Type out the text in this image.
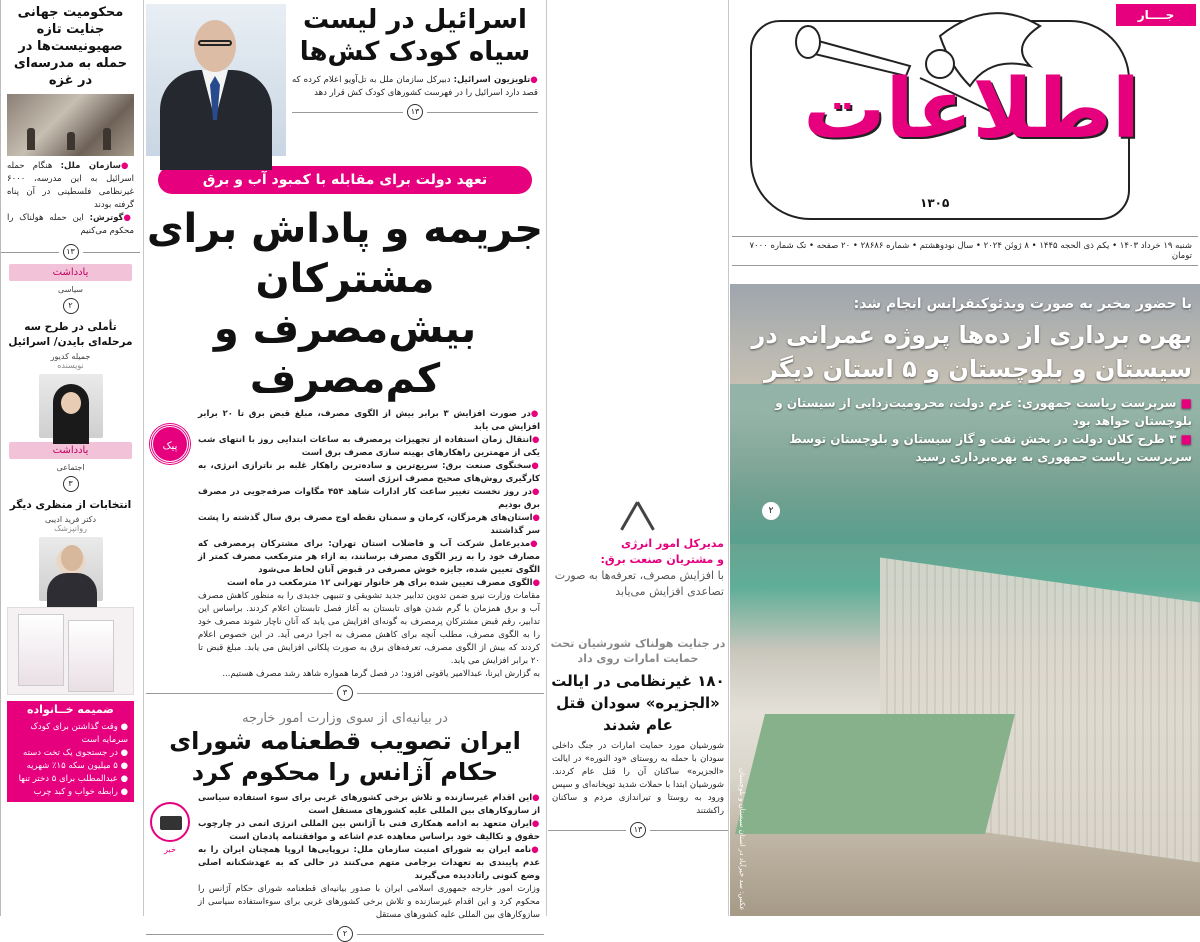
محکومیت جهانی جنایت تازه صهیونیست‌ها در حمله به مدرسه‌ای در غزه
●سازمان ملل: هنگام حمله اسرائیل به این مدرسه، ۶۰۰۰ غیرنظامی فلسطینی در آن پناه گرفته بودند
●گوترش: این حمله هولناک را محکوم می‌کنیم
۱۳
یادداشت
سیاسی
۲
تأملی در طرح سه مرحله‌ای بایدن/ اسرائیل
جمیله کدیور
نویسنده
یادداشت
اجتماعی
۳
انتخابات از منظری دیگر
دکتر فرید ادیبی
روانپزشک
ضمیمه خــانواده
● وقت گذاشتن برای کودک سرمایه است
● در جستجوی یک تخت دسته
● ۵ میلیون سکه ۱۵٪ شهریه
● عبدالمطلب برای ۵ دختر تنها
● رابطه خواب و کبد چرب
اسرائیل در لیست سیاه کودک کش‌ها
●تلویزیون اسرائیل: دبیرکل سازمان ملل به تل‌آویو اعلام کرده که قصد دارد اسرائیل را در فهرست کشورهای کودک کش قرار دهد
۱۳
تعهد دولت برای مقابله با کمبود آب و برق
جریمه و پاداش برای مشترکان بیش‌مصرف و کم‌مصرف
●در صورت افزایش ۳ برابر بیش از الگوی مصرف، مبلغ قبض برق تا ۲۰ برابر افزایش می یابد
●انتقال زمان استفاده از تجهیزات پرمصرف به ساعات ابتدایی روز با انتهای شب یکی از مهمترین راهکارهای بهینه سازی مصرف برق است
●سخنگوی صنعت برق: سریع‌ترین و ساده‌ترین راهکار غلبه بر ناترازی انرژی، به کارگیری روش‌های صحیح مصرف انرژی است
●در روز نخست تغییر ساعت کار ادارات شاهد ۴۵۴ مگاوات صرفه‌جویی در مصرف برق بودیم
●استان‌های هرمزگان، کرمان و سمنان نقطه اوج مصرف برق سال گذشته را پشت سر گذاشتند
●مدیرعامل شرکت آب و فاضلاب استان تهران: برای مشترکان پرمصرفی که مصارف خود را به زیر الگوی مصرف برسانند، به ازاء هر مترمکعب مصرف کمتر از الگوی تعیین شده، جایزه خوش مصرفی در قبوض آنان لحاظ می‌شود
●الگوی مصرف تعیین شده برای هر خانوار تهرانی ۱۲ مترمکعب در ماه است
مقامات وزارت نیرو ضمن تدوین تدابیر جدید تشویقی و تنبیهی جدیدی را به منظور کاهش مصرف آب و برق همزمان با گرم شدن هوای تابستان به آغاز فصل تابستان اعلام کردند. براساس این تدابیر، رقم قبض مشترکان پرمصرف به گونه‌ای افزایش می یابد که آنان ناچار شوند مصرف خود را به الگوی مصرف، مطلب آنچه برای کاهش مصرف به اجرا درمی آید. در این خصوص اعلام کردند که بیش از الگوی مصرف، تعرفه‌های برق به صورت پلکانی افزایش می یابد. مبلغ قبض تا ۲۰ برابر افزایش می یابد.
به گزارش ایرنا، عبدالامیر یاقوتی افزود: در فصل گرما همواره شاهد رشد مصرف هستیم...
پیک
۳
در بیانیه‌ای از سوی وزارت امور خارجه
ایران تصویب قطعنامه شورای حکام آژانس را محکوم کرد
●این اقدام غیرسازنده و تلاش برخی کشورهای غربی برای سوء استفاده سیاسی از سازوکارهای بین المللی علیه کشورهای مستقل است
●ایران متعهد به ادامه همکاری فنی با آژانس بین المللی انرژی اتمی در چارچوب حقوق و تکالیف خود براساس معاهده عدم اشاعه و موافقتنامه پادمان است
●نامه ایران به شورای امنیت سازمان ملل: نروپایی‌ها اروپا همچنان ایران را به عدم پایبندی به تعهدات برجامی متهم می‌کنند در حالی که به عهدشکنانه اصلی وضع کنونی راتاددیده می‌گیرند
وزارت امور خارجه جمهوری اسلامی ایران با صدور بیانیه‌ای قطعنامه شورای حکام آژانس را محکوم کرد و این اقدام غیرسازنده و تلاش برخی کشورهای غربی برای سوءاستفاده سیاسی از سازوکارهای بین المللی علیه کشورهای مستقل
خبر
۲
مدیرکل امور انرژی
و مشتریان صنعت برق:
با افزایش مصرف، تعرفه‌ها به صورت تصاعدی افزایش می‌یابد
در جنایت هولناک شورشیان تحت حمایت امارات روی داد
۱۸۰ غیرنظامی در ایالت «الجزیره» سودان قتل عام شدند
شورشیان مورد حمایت امارات در جنگ داخلی سودان با حمله به روستای «ود النوره» در ایالت «الجزیره» ساکنان آن را قتل عام کردند. شورشیان ابتدا با حملات شدید توپخانه‌ای و سپس ورود به روستا و تیراندازی مردم و ساکنان راکشتند
۱۳
اطلاعات
۱۳۰۵
جــــار
شنبه ۱۹ خرداد ۱۴۰۳ • یکم ذی الحجه ۱۴۴۵ • ۸ ژوئن ۲۰۲۴ • سال نودوهشتم • شماره ۲۸۶۸۶ • ۲۰ صفحه • تک شماره ۷۰۰۰ تومان
با حضور مخبر به صورت ویدئوکنفرانس انجام شد:
بهره برداری از ده‌ها پروژه عمرانی در سیستان و بلوچستان و ۵ استان دیگر
■ سرپرست ریاست جمهوری: عزم دولت، محرومیت‌زدایی از سیستان و بلوچستان خواهد بود
■ ۳ طرح کلان دولت در بخش نفت و گاز سیستان و بلوچستان توسط سرپرست ریاست جمهوری به بهره‌برداری رسید
۲
عکس: سد خیرآباد در استان سیستان و بلوچستان
